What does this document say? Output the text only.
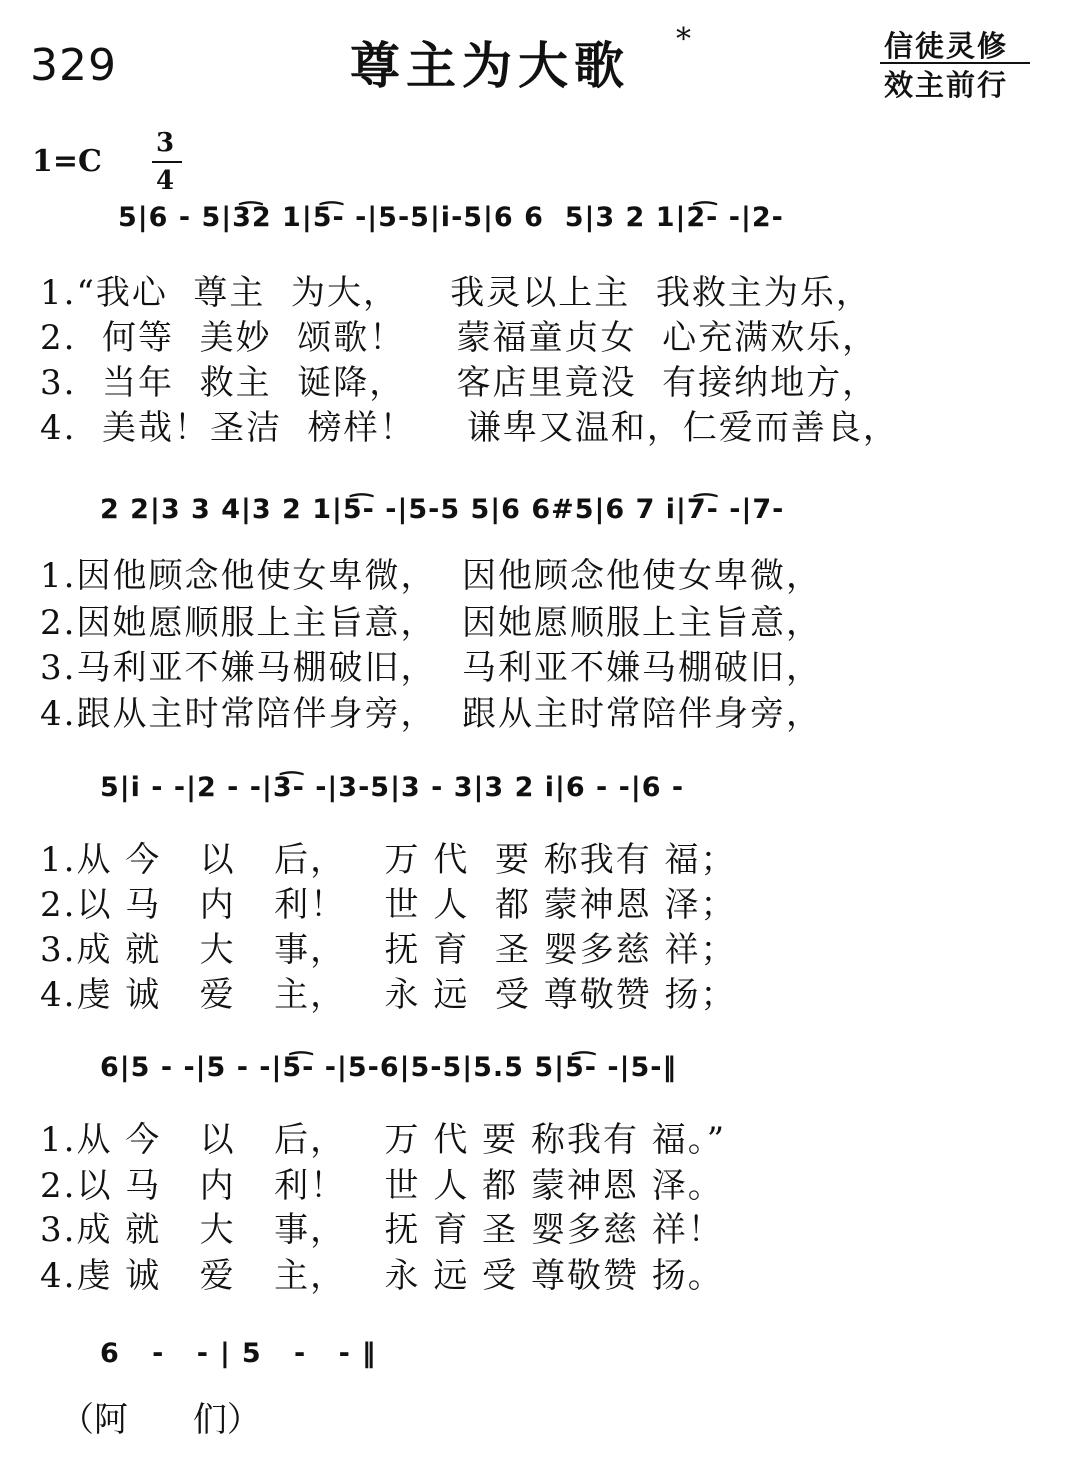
329	尊主为大歌 *	信徒灵修
效主前行
1=C
3
4
5|6 - 5|3͡2 1|5͡- -|5-5|i-5|6 6  5|3 2 1|2͡- -|2-
1.“我心  尊主  为大，    我灵以上主  我救主为乐，
2.  何等  美妙  颂歌！    蒙福童贞女  心充满欢乐，
3.  当年  救主  诞降，    客店里竟没  有接纳地方，
4.  美哉！圣洁  榜样！    谦卑又温和，仁爱而善良，
2 2|3 3 4|3 2 1|5͡- -|5-5 5|6 6#5|6 7 i|7͡- -|7-
1.因他顾念他使女卑微，  因他顾念他使女卑微，
2.因她愿顺服上主旨意，  因她愿顺服上主旨意，
3.马利亚不嫌马棚破旧，  马利亚不嫌马棚破旧，
4.跟从主时常陪伴身旁，  跟从主时常陪伴身旁，
5|i - -|2 - -|3͡- -|3-5|3 - 3|3 2 i|6 - -|6 -
1.从 今   以   后，   万 代  要 称我有 福；
2.以 马   内   利！   世 人  都 蒙神恩 泽；
3.成 就   大   事，   抚 育  圣 婴多慈 祥；
4.虔 诚   爱   主，   永 远  受 尊敬赞 扬；
6|5 - -|5 - -|5͡- -|5-6|5-5|5.5 5|5͡- -|5-‖
1.从 今   以   后，   万 代 要 称我有 福。”
2.以 马   内   利！   世 人 都 蒙神恩 泽。
3.成 就   大   事，   抚 育 圣 婴多慈 祥！
4.虔 诚   爱   主，   永 远 受 尊敬赞 扬。
6 - -|5 - -‖
（阿      们）
